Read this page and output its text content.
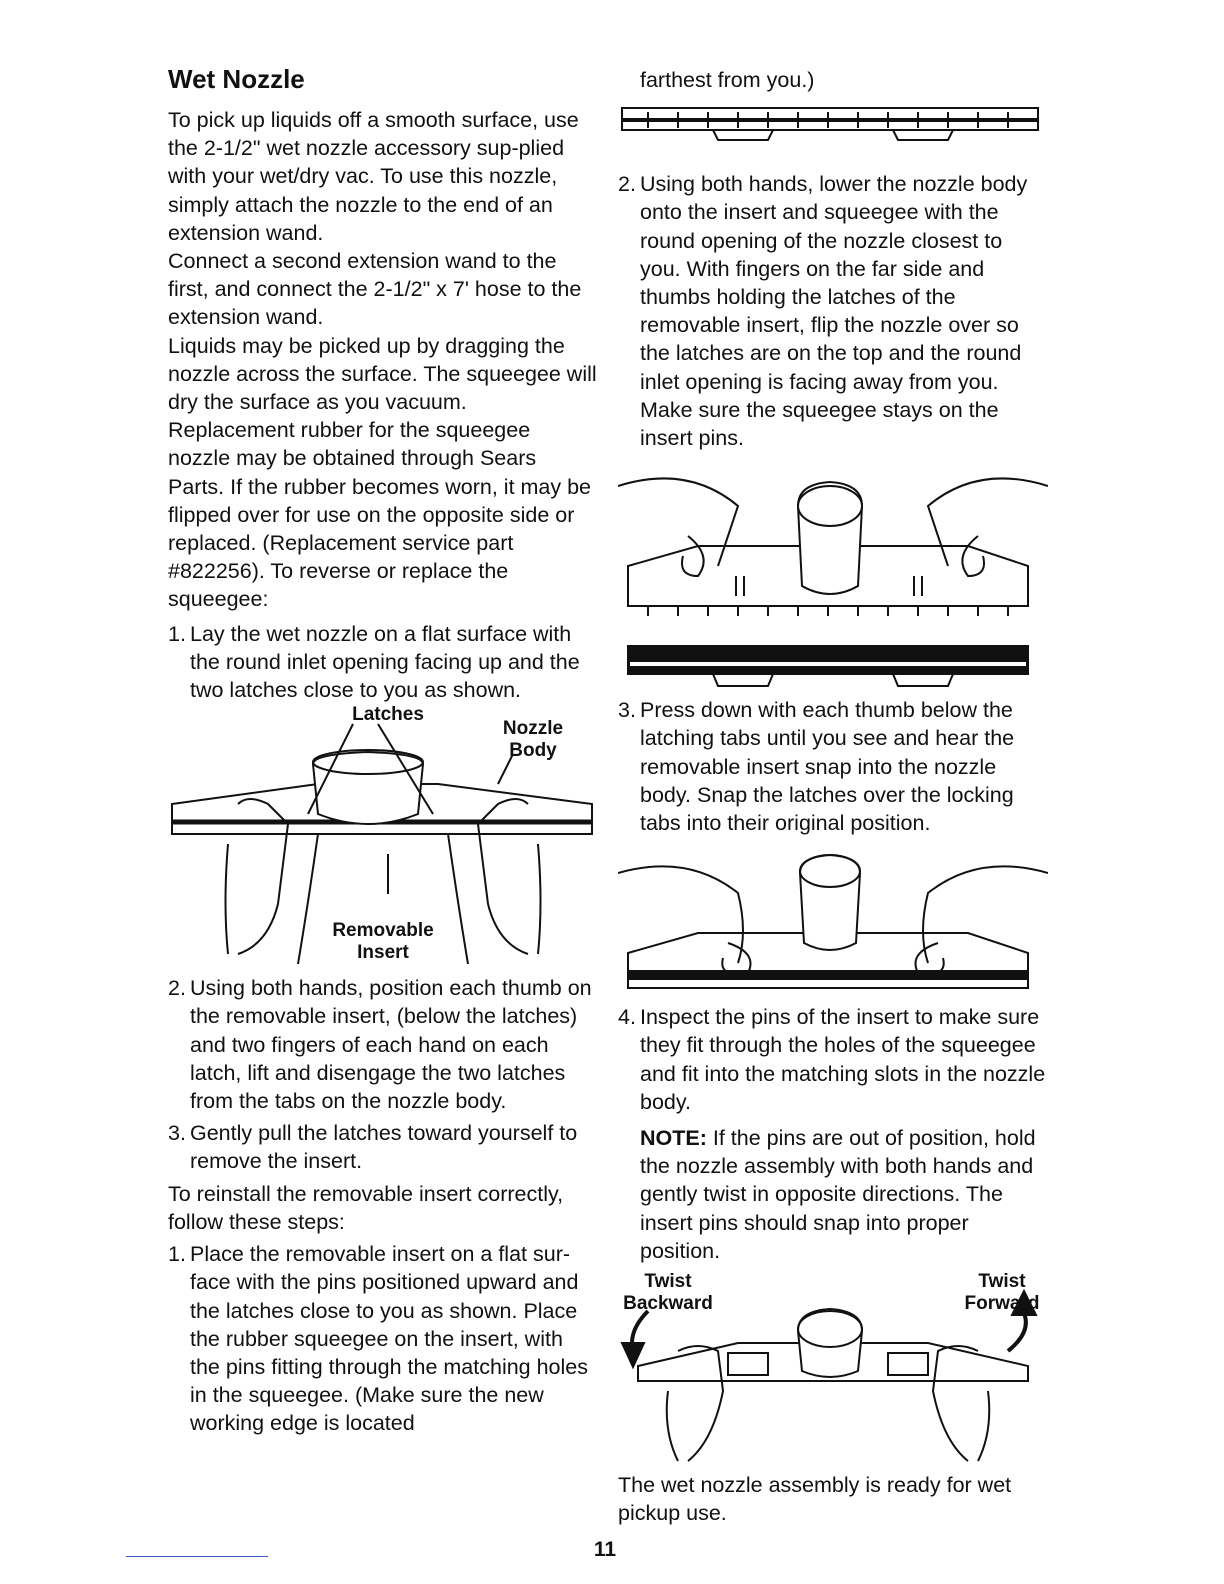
Wet Nozzle

To pick up liquids off a smooth surface, use the 2-1/2" wet nozzle accessory sup-plied with your wet/dry vac. To use this nozzle, simply attach the nozzle to the end of an extension wand.

Connect a second extension wand to the first, and connect the 2-1/2" x 7' hose to the extension wand.

Liquids may be picked up by dragging the nozzle across the surface. The squeegee will dry the surface as you vacuum.

Replacement rubber for the squeegee nozzle may be obtained through Sears Parts. If the rubber becomes worn, it may be flipped over for use on the opposite side or replaced. (Replacement service part #822256). To reverse or replace the squeegee:

1. Lay the wet nozzle on a flat surface with the round inlet opening facing up and the two latches close to you as shown.
Latches
Nozzle Body
Removable Insert
2. Using both hands, position each thumb on the removable insert, (below the latches) and two fingers of each hand on each latch, lift and disengage the two latches from the tabs on the nozzle body.
3. Gently pull the latches toward yourself to remove the insert.

To reinstall the removable insert correctly, follow these steps:

1. Place the removable insert on a flat sur-face with the pins positioned upward and the latches close to you as shown. Place the rubber squeegee on the insert, with the pins fitting through the matching holes in the squeegee. (Make sure the new working edge is located

farthest from you.)

2. Using both hands, lower the nozzle body onto the insert and squeegee with the round opening of the nozzle closest to you. With fingers on the far side and thumbs holding the latches of the removable insert, flip the nozzle over so the latches are on the top and the round inlet opening is facing away from you. Make sure the squeegee stays on the insert pins.
3. Press down with each thumb below the latching tabs until you see and hear the removable insert snap into the nozzle body. Snap the latches over the locking tabs into their original position.
4. Inspect the pins of the insert to make sure they fit through the holes of the squeegee and fit into the matching slots in the nozzle body.

NOTE: If the pins are out of position, hold the nozzle assembly with both hands and gently twist in opposite directions. The insert pins should snap into proper position.

Twist Backward
Twist Forward

The wet nozzle assembly is ready for wet pickup use.

11
